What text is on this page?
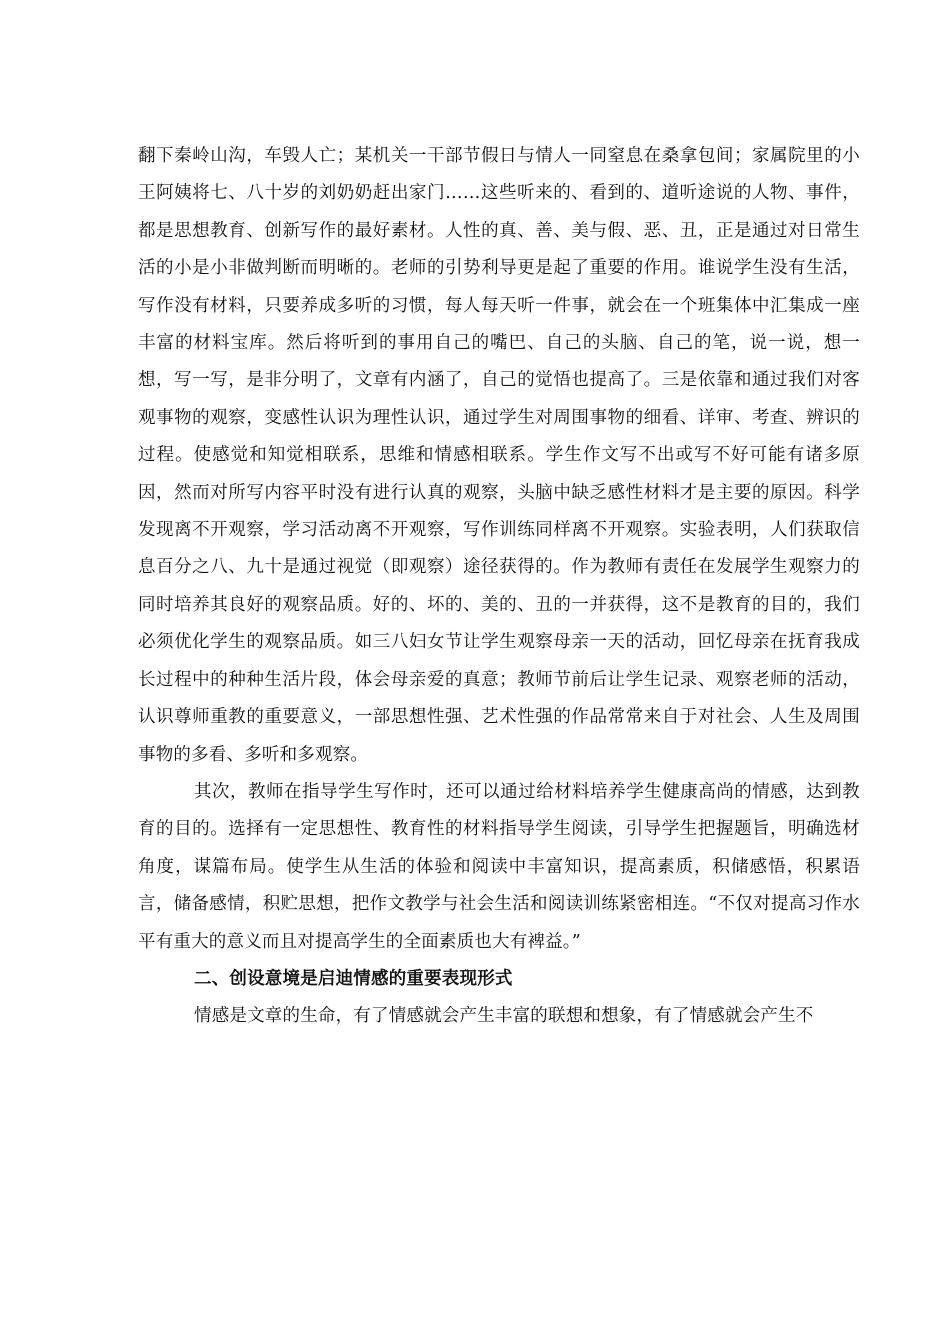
翻下秦岭山沟，车毁人亡；某机关一干部节假日与情人一同窒息在桑拿包间；家属院里的小王阿姨将七、八十岁的刘奶奶赶出家门……这些听来的、看到的、道听途说的人物、事件，都是思想教育、创新写作的最好素材。人性的真、善、美与假、恶、丑，正是通过对日常生活的小是小非做判断而明晰的。老师的引势利导更是起了重要的作用。谁说学生没有生活，写作没有材料，只要养成多听的习惯，每人每天听一件事，就会在一个班集体中汇集成一座丰富的材料宝库。然后将听到的事用自己的嘴巴、自己的头脑、自己的笔，说一说，想一想，写一写，是非分明了，文章有内涵了，自己的觉悟也提高了。三是依靠和通过我们对客观事物的观察，变感性认识为理性认识，通过学生对周围事物的细看、详审、考查、辨识的过程。使感觉和知觉相联系，思维和情感相联系。学生作文写不出或写不好可能有诸多原因，然而对所写内容平时没有进行认真的观察，头脑中缺乏感性材料才是主要的原因。科学发现离不开观察，学习活动离不开观察，写作训练同样离不开观察。实验表明，人们获取信息百分之八、九十是通过视觉（即观察）途径获得的。作为教师有责任在发展学生观察力的同时培养其良好的观察品质。好的、坏的、美的、丑的一并获得，这不是教育的目的，我们必须优化学生的观察品质。如三八妇女节让学生观察母亲一天的活动，回忆母亲在抚育我成长过程中的种种生活片段，体会母亲爱的真意；教师节前后让学生记录、观察老师的活动，认识尊师重教的重要意义，一部思想性强、艺术性强的作品常常来自于对社会、人生及周围事物的多看、多听和多观察。

其次，教师在指导学生写作时，还可以通过给材料培养学生健康高尚的情感，达到教育的目的。选择有一定思想性、教育性的材料指导学生阅读，引导学生把握题旨，明确选材角度，谋篇布局。使学生从生活的体验和阅读中丰富知识，提高素质，积储感悟，积累语言，储备感情，积贮思想，把作文教学与社会生活和阅读训练紧密相连。“不仅对提高习作水平有重大的意义而且对提高学生的全面素质也大有裨益。”

二、创设意境是启迪情感的重要表现形式

情感是文章的生命，有了情感就会产生丰富的联想和想象，有了情感就会产生不
